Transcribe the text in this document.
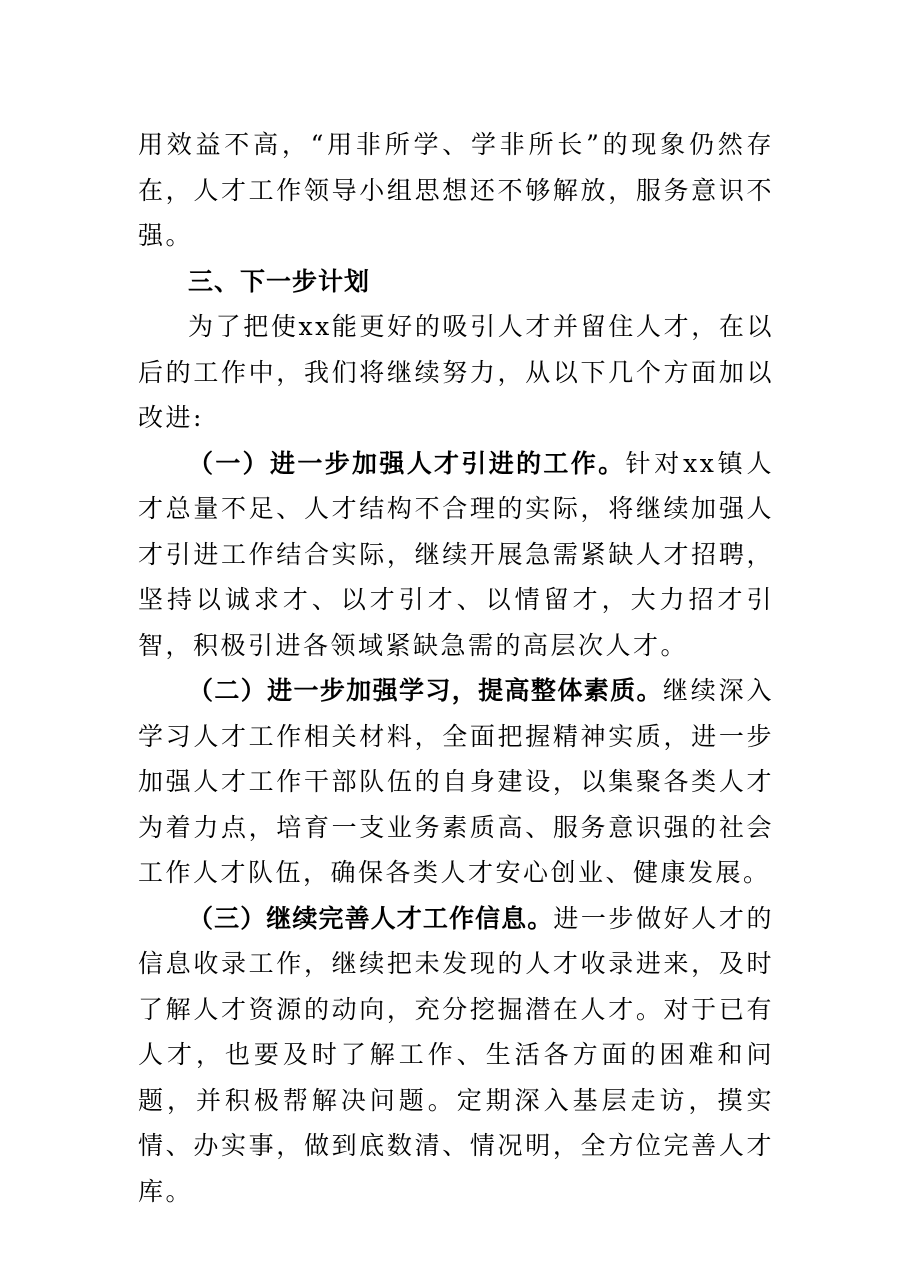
用效益不高，“用非所学、学非所长”的现象仍然存在，人才工作领导小组思想还不够解放，服务意识不强。

三、下一步计划

为了把使xx能更好的吸引人才并留住人才，在以后的工作中，我们将继续努力，从以下几个方面加以改进:

（一）进一步加强人才引进的工作。针对xx镇人才总量不足、人才结构不合理的实际，将继续加强人才引进工作结合实际，继续开展急需紧缺人才招聘，坚持以诚求才、以才引才、以情留才，大力招才引智，积极引进各领域紧缺急需的高层次人才。

（二）进一步加强学习，提高整体素质。继续深入学习人才工作相关材料，全面把握精神实质，进一步加强人才工作干部队伍的自身建设，以集聚各类人才为着力点，培育一支业务素质高、服务意识强的社会工作人才队伍，确保各类人才安心创业、健康发展。

（三）继续完善人才工作信息。进一步做好人才的信息收录工作，继续把未发现的人才收录进来，及时了解人才资源的动向，充分挖掘潜在人才。对于已有人才，也要及时了解工作、生活各方面的困难和问题，并积极帮解决问题。定期深入基层走访，摸实情、办实事，做到底数清、情况明，全方位完善人才库。
